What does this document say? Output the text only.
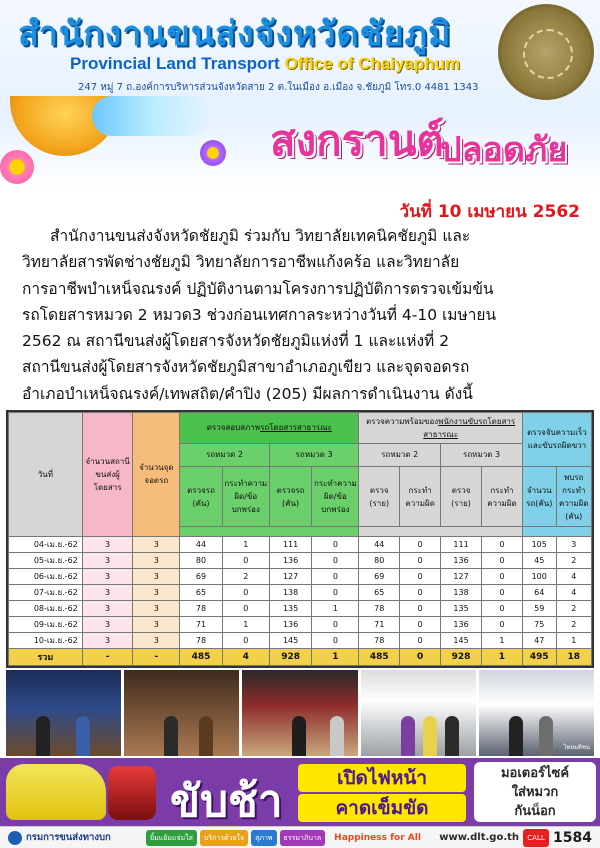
สำนักงานขนส่งจังหวัดชัยภูมิ
Provincial Land Transport Office of Chaiyaphum
247 หมู่ 7 ถ.องค์การบริหารส่วนจังหวัดสาย 2 ต.ในเมือง อ.เมือง จ.ชัยภูมิ โทร.0 4481 1343
สงกรานต์
ปลอดภัย
วันที่ 10 เมษายน 2562
สำนักงานขนส่งจังหวัดชัยภูมิ ร่วมกับ วิทยาลัยเทคนิคชัยภูมิ และ
วิทยาลัยสารพัดช่างชัยภูมิ วิทยาลัยการอาชีพแก้งคร้อ และวิทยาลัย
การอาชีพบำเหน็จณรงค์ ปฏิบัติงานตามโครงการปฏิบัติการตรวจเข้มข้น
รถโดยสารหมวด 2 หมวด3 ช่วงก่อนเทศกาลระหว่างวันที่ 4-10 เมษายน
2562 ณ สถานีขนส่งผู้โดยสารจังหวัดชัยภูมิแห่งที่ 1 และแห่งที่ 2
สถานีขนส่งผู้โดยสารจังหวัดชัยภูมิสาขาอำเภอภูเขียว และจุดจอดรถ
อำเภอบำเหน็จณรงค์/เทพสถิต/คำปิง (205) มีผลการดำเนินงาน ดังนี้
วันที่	จำนวนสถานีขนส่งผู้โดยสาร	จำนวนจุดจอดรถ	ตรวจสอบสภาพรถโดยสารสาธารณะ				ตรวจความพร้อมของพนักงานขับรถโดยสารสาธารณะ				ตรวจจับความเร็วและขับรถผิดขวา	
			รถหมวด 2		รถหมวด 3		รถหมวด 2		รถหมวด 3			
			ตรวจรถ (คัน)	กระทำความผิด/ข้อบกพร่อง	ตรวจรถ (คัน)	กระทำความผิด/ข้อบกพร่อง	ตรวจ (ราย)	กระทำความผิด	ตรวจ (ราย)	กระทำความผิด	จำนวนรถ(คัน)	พบรถกระทำความผิด (คัน)

04-เม.ย.-62	3	3	44	1	111	0	44	0	111	0	105	3
05-เม.ย.-62	3	3	80	0	136	0	80	0	136	0	45	2
06-เม.ย.-62	3	3	69	2	127	0	69	0	127	0	100	4
07-เม.ย.-62	3	3	65	0	138	0	65	0	138	0	64	4
08-เม.ย.-62	3	3	78	0	135	1	78	0	135	0	59	2
09-เม.ย.-62	3	3	71	1	136	0	71	0	136	0	75	2
10-เม.ย.-62	3	3	78	0	145	0	78	0	145	1	47	1
รวม	-	-	485	4	928	1	485	0	928	1	495	18
ไทยมติชน
ขับช้า	เปิดไฟหน้า
คาดเข็มขัด
มอเตอร์ไซค์
ใส่หมวก
กันน็อก
กรมการขนส่งทางบก	ยิ้มแย้มแจ่มใส	บริการด้วยใจ	สุภาพ	ธรรมาภิบาล	Happiness for All www.dlt.go.th	CALL 1584
